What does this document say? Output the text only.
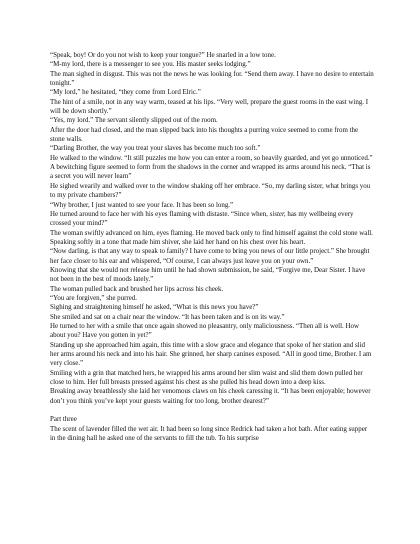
“Speak, boy! Or do you not wish to keep your tongue?” He snarled in a low tone.

“M-my lord, there is a messenger to see you. His master seeks lodging.”

The man sighed in disgust. This was not the news he was looking for. “Send them away. I have no desire to entertain tonight.”

“My lord,” he hesitated, “they come from Lord Elric.”

The hint of a smile, not in any way warm, teased at his lips. “Very well, prepare the guest rooms in the east wing. I will be down shortly.”

“Yes, my lord.” The servant silently slipped out of the room.

After the door had closed, and the man slipped back into his thoughts a purring voice seemed to come from the stone walls.

“Darling Brother, the way you treat your slaves has become much too soft.”

He walked to the window. “It still puzzles me how you can enter a room, so heavily guarded, and yet go unnoticed.”

A bewitching figure seemed to form from the shadows in the corner and wrapped its arms around his neck. “That is a secret you will never learn”

He sighed wearily and walked over to the window shaking off her embrace. “So, my darling sister, what brings you to my private chambers?”

“Why brother, I just wanted to see your face. It has been so long.”

He turned around to face her with his eyes flaming with distaste. “Since when, sister, has my wellbeing every crossed your mind?”

The woman swiftly advanced on him, eyes flaming. He moved back only to find himself against the cold stone wall. Speaking softly in a tone that made him shiver, she laid her hand on his chest over his heart.

“Now darling, is that any way to speak to family? I have come to bring you news of our little project.” She brought her face closer to his ear and whispered, “Of course, I can always just leave you on your own.”

Knowing that she would not release him until he had shown submission, he said, “Forgive me, Dear Sister. I have not been in the best of moods lately.”

The woman pulled back and brushed her lips across his cheek.

“You are forgiven,” she purred.

Sighing and straightening himself he asked, “What is this news you have?”

She smiled and sat on a chair near the window. “It has been taken and is on its way.”

He turned to her with a smile that once again showed no pleasantry, only maliciousness. “Then all is well. How about you? Have you gotten in yet?”

Standing up she approached him again, this time with a slow grace and elegance that spoke of her station and slid her arms around his neck and into his hair. She grinned, her sharp canines exposed. “All in good time, Brother. I am very close.”

Smiling with a grin that matched hers, he wrapped his arms around her slim waist and slid them down pulled her close to him. Her full breasts pressed against his chest as she pulled his head down into a deep kiss.

Breaking away breathlessly she laid her venomous claws on his cheek caressing it. “It has been enjoyable; however don’t you think you’ve kept your guests waiting for too long, brother dearest?”

Part three

The scent of lavender filled the wet air. It had been so long since Redrick had taken a hot bath. After eating supper in the dining hall he asked one of the servants to fill the tub. To his surprise
